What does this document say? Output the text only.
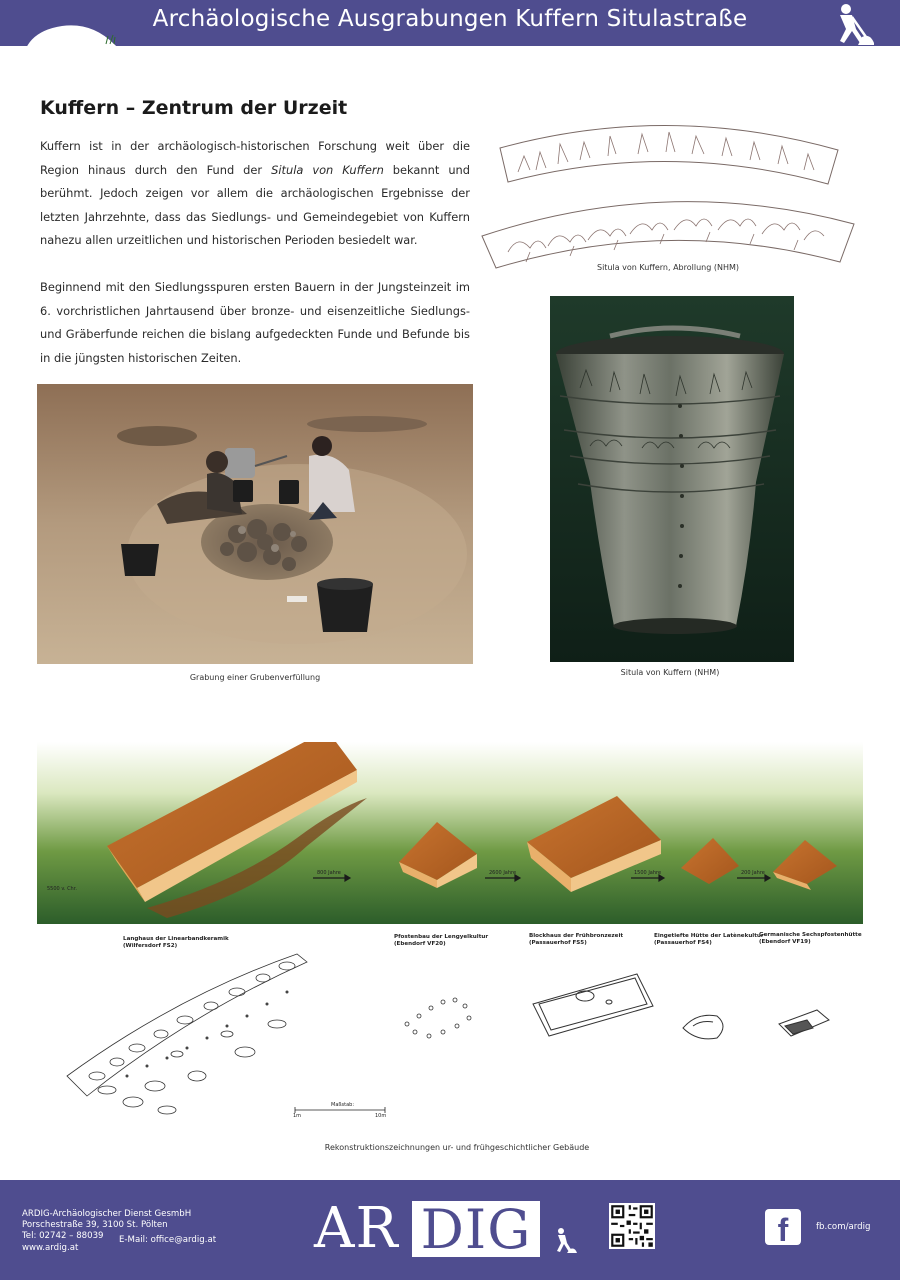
Archäologische Ausgrabungen Kuffern Situlastraße
Kuffern – Zentrum der Urzeit

Kuffern ist in der archäologisch-historischen Forschung weit über die Region hinaus durch den Fund der Situla von Kuffern bekannt und berühmt. Jedoch zeigen vor allem die archäologischen Ergebnisse der letzten Jahrzehnte, dass das Siedlungs- und Gemeindegebiet von Kuffern nahezu allen urzeitlichen und historischen Perioden besiedelt war.

Beginnend mit den Siedlungsspuren ersten Bauern in der Jungsteinzeit im 6. vorchristlichen Jahrtausend über bronze- und eisenzeitliche Siedlungs- und Gräberfunde reichen die bislang aufgedeckten Funde und Befunde bis in die jüngsten historischen Zeiten.

Situla von Kuffern, Abrollung (NHM)
Grabung einer Grubenverfüllung
Situla von Kuffern (NHM)
5500 v. Chr.
800 Jahre	2600 Jahre	1500 Jahre	200 Jahre
Langhaus der Linearbandkeramik
(Wilfersdorf FS2)
Pfostenbau der Lengyelkultur
(Ebendorf VF20)
Blockhaus der Frühbronzezeit
(Passauerhof FS5)
Eingetiefte Hütte der Latènekultur
(Passauerhof FS4)
Germanische Sechspfostenhütte
(Ebendorf VF19)
Maßstab:
1m	10m
Rekonstruktionszeichnungen ur- und frühgeschichtlicher Gebäude
ARDIG-Archäologischer Dienst GesmbH
Porschestraße 39, 3100 St. Pölten
Tel: 02742 – 88039
www.ardig.at
E-Mail: office@ardig.at AR DIG	f	fb.com/ardig
